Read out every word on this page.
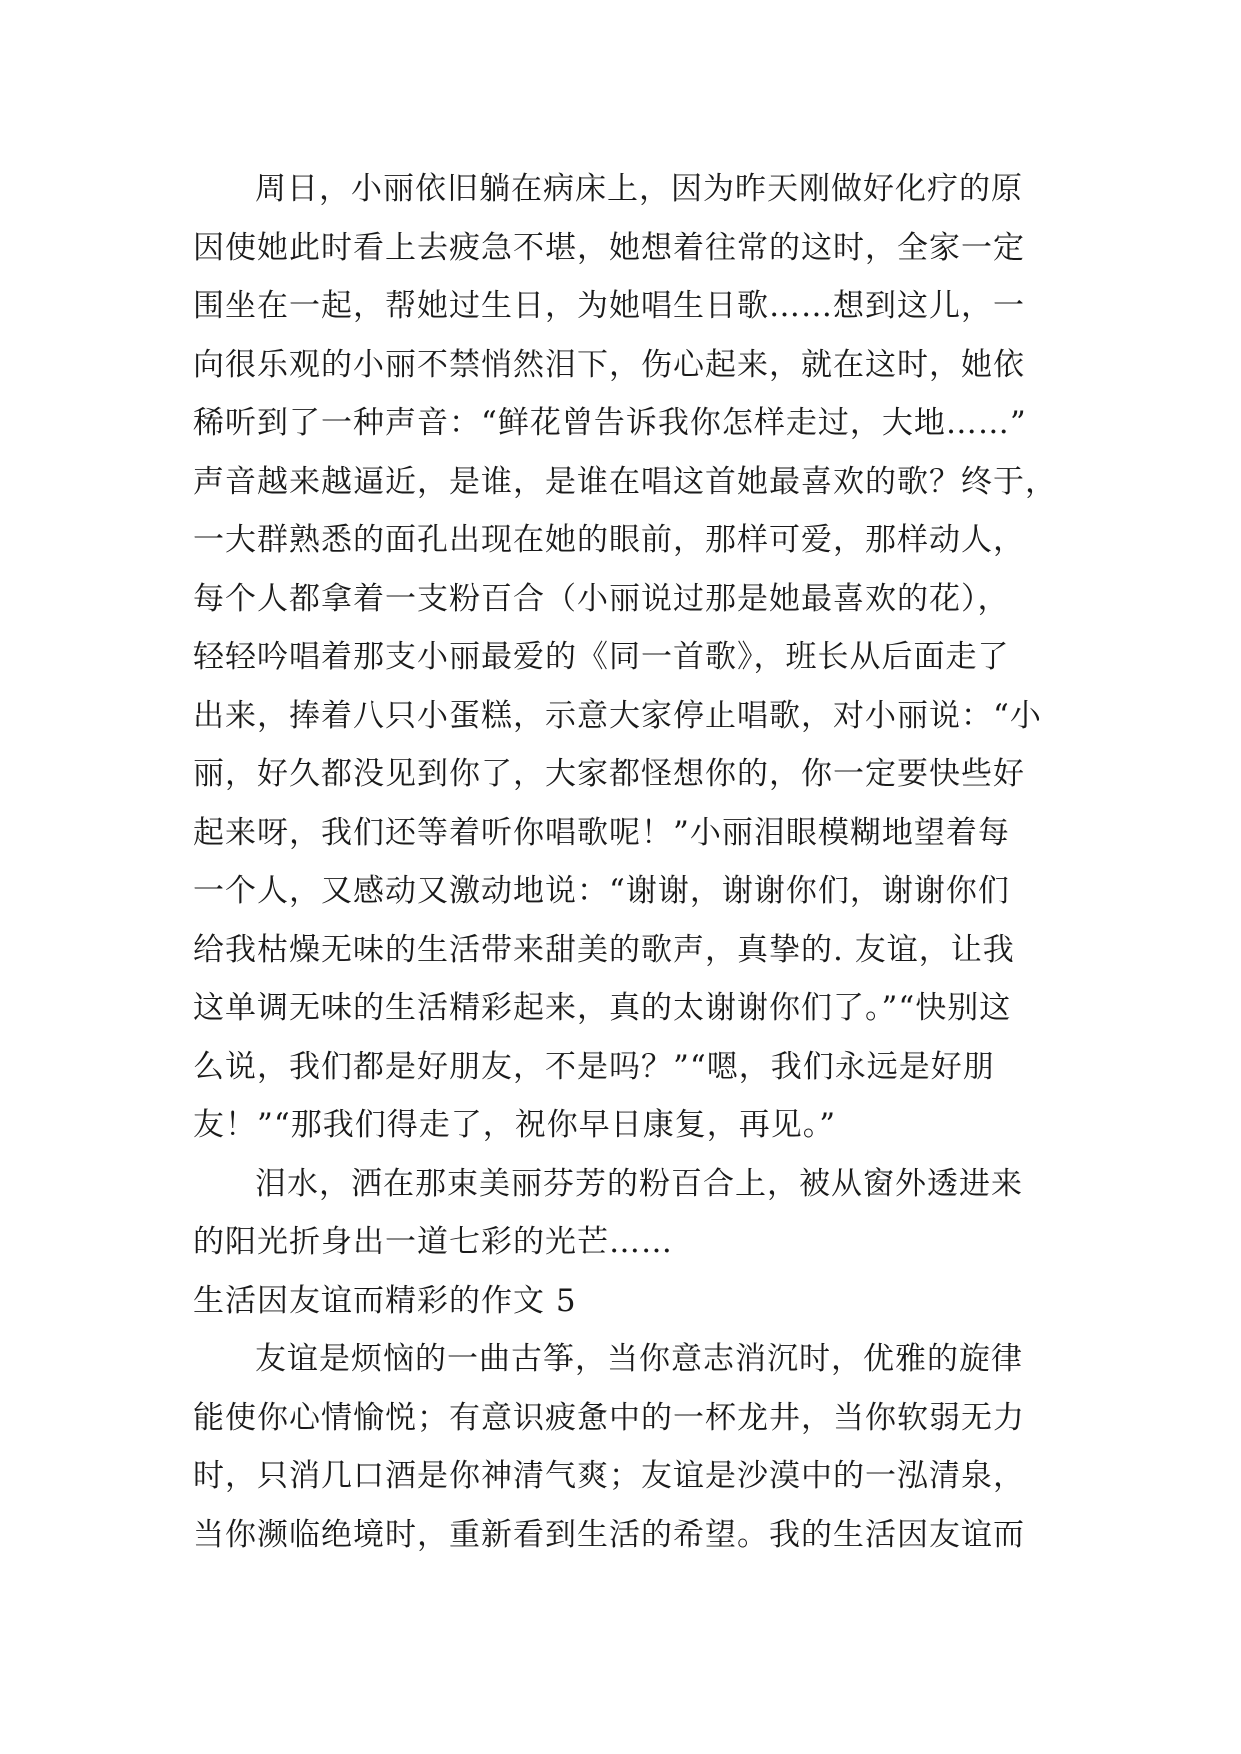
周日，小丽依旧躺在病床上，因为昨天刚做好化疗的原
因使她此时看上去疲急不堪，她想着往常的这时，全家一定
围坐在一起，帮她过生日，为她唱生日歌……想到这儿，一
向很乐观的小丽不禁悄然泪下，伤心起来，就在这时，她依
稀听到了一种声音：“鲜花曾告诉我你怎样走过，大地……”
声音越来越逼近，是谁，是谁在唱这首她最喜欢的歌？终于，
一大群熟悉的面孔出现在她的眼前，那样可爱，那样动人，
每个人都拿着一支粉百合（小丽说过那是她最喜欢的花），
轻轻吟唱着那支小丽最爱的《同一首歌》，班长从后面走了
出来，捧着八只小蛋糕，示意大家停止唱歌，对小丽说：“小
丽，好久都没见到你了，大家都怪想你的，你一定要快些好
起来呀，我们还等着听你唱歌呢！”小丽泪眼模糊地望着每
一个人，又感动又激动地说：“谢谢，谢谢你们，谢谢你们
给我枯燥无味的生活带来甜美的歌声，真挚的. 友谊，让我
这单调无味的生活精彩起来，真的太谢谢你们了。”“快别这
么说，我们都是好朋友，不是吗？”“嗯，我们永远是好朋
友！”“那我们得走了，祝你早日康复，再见。”
泪水，洒在那束美丽芬芳的粉百合上，被从窗外透进来
的阳光折身出一道七彩的光芒……
生活因友谊而精彩的作文 5
友谊是烦恼的一曲古筝，当你意志消沉时，优雅的旋律
能使你心情愉悦；有意识疲惫中的一杯龙井，当你软弱无力
时，只消几口酒是你神清气爽；友谊是沙漠中的一泓清泉，
当你濒临绝境时，重新看到生活的希望。我的生活因友谊而
